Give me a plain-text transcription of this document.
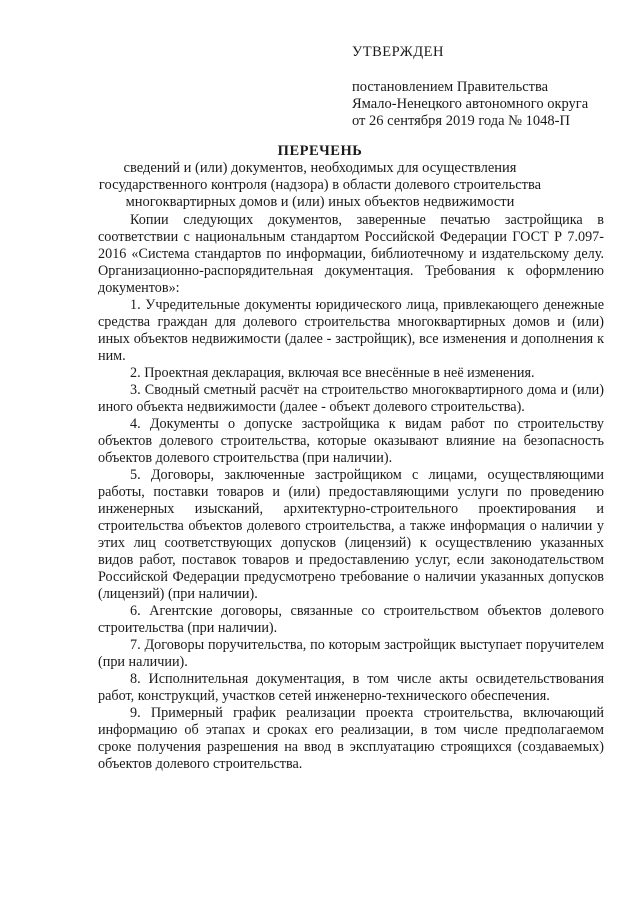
УТВЕРЖДЕН
постановлением Правительства
Ямало-Ненецкого автономного округа
от 26 сентября 2019 года № 1048-П
ПЕРЕЧЕНЬ
сведений и (или) документов, необходимых для осуществления
государственного контроля (надзора) в области долевого строительства
многоквартирных домов и (или) иных объектов недвижимости

Копии следующих документов, заверенные печатью застройщика в соответствии с национальным стандартом Российской Федерации ГОСТ Р 7.097-2016 «Система стандартов по информации, библиотечному и издательскому делу. Организационно-распорядительная документация. Требования к оформлению документов»:

1. Учредительные документы юридического лица, привлекающего денежные средства граждан для долевого строительства многоквартирных домов и (или) иных объектов недвижимости (далее - застройщик), все изменения и дополнения к ним.

2. Проектная декларация, включая все внесённые в неё изменения.

3. Сводный сметный расчёт на строительство многоквартирного дома и (или) иного объекта недвижимости (далее - объект долевого строительства).

4. Документы о допуске застройщика к видам работ по строительству объектов долевого строительства, которые оказывают влияние на безопасность объектов долевого строительства (при наличии).

5. Договоры, заключенные застройщиком с лицами, осуществляющими работы, поставки товаров и (или) предоставляющими услуги по проведению инженерных изысканий, архитектурно-строительного проектирования и строительства объектов долевого строительства, а также информация о наличии у этих лиц соответствующих допусков (лицензий) к осуществлению указанных видов работ, поставок товаров и предоставлению услуг, если законодательством Российской Федерации предусмотрено требование о наличии указанных допусков (лицензий) (при наличии).

6. Агентские договоры, связанные со строительством объектов долевого строительства (при наличии).

7. Договоры поручительства, по которым застройщик выступает поручителем (при наличии).

8. Исполнительная документация, в том числе акты освидетельствования работ, конструкций, участков сетей инженерно-технического обеспечения.

9. Примерный график реализации проекта строительства, включающий информацию об этапах и сроках его реализации, в том числе предполагаемом сроке получения разрешения на ввод в эксплуатацию строящихся (создаваемых) объектов долевого строительства.
